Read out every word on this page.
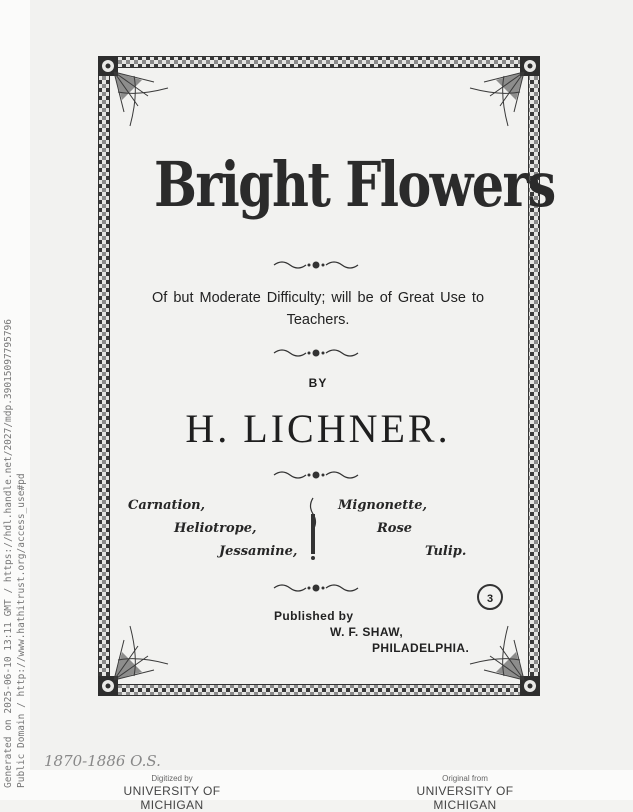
Generated on 2025-06-10 13:11 GMT / https://hdl.handle.net/2027/mdp.39015097795796 Public Domain / http://www.hathitrust.org/access_use#pd
Bright Flowers
Of but Moderate Difficulty; will be of Great Use to Teachers.
BY
H. LICHNER.
Carnation,
Heliotrope,
Jessamine,
Mignonette,
Rose
Tulip.
3
Published by
W. F. SHAW,
PHILADELPHIA.
1870-1886 O.S.
Digitized by
UNIVERSITY OF MICHIGAN
Original from
UNIVERSITY OF MICHIGAN
